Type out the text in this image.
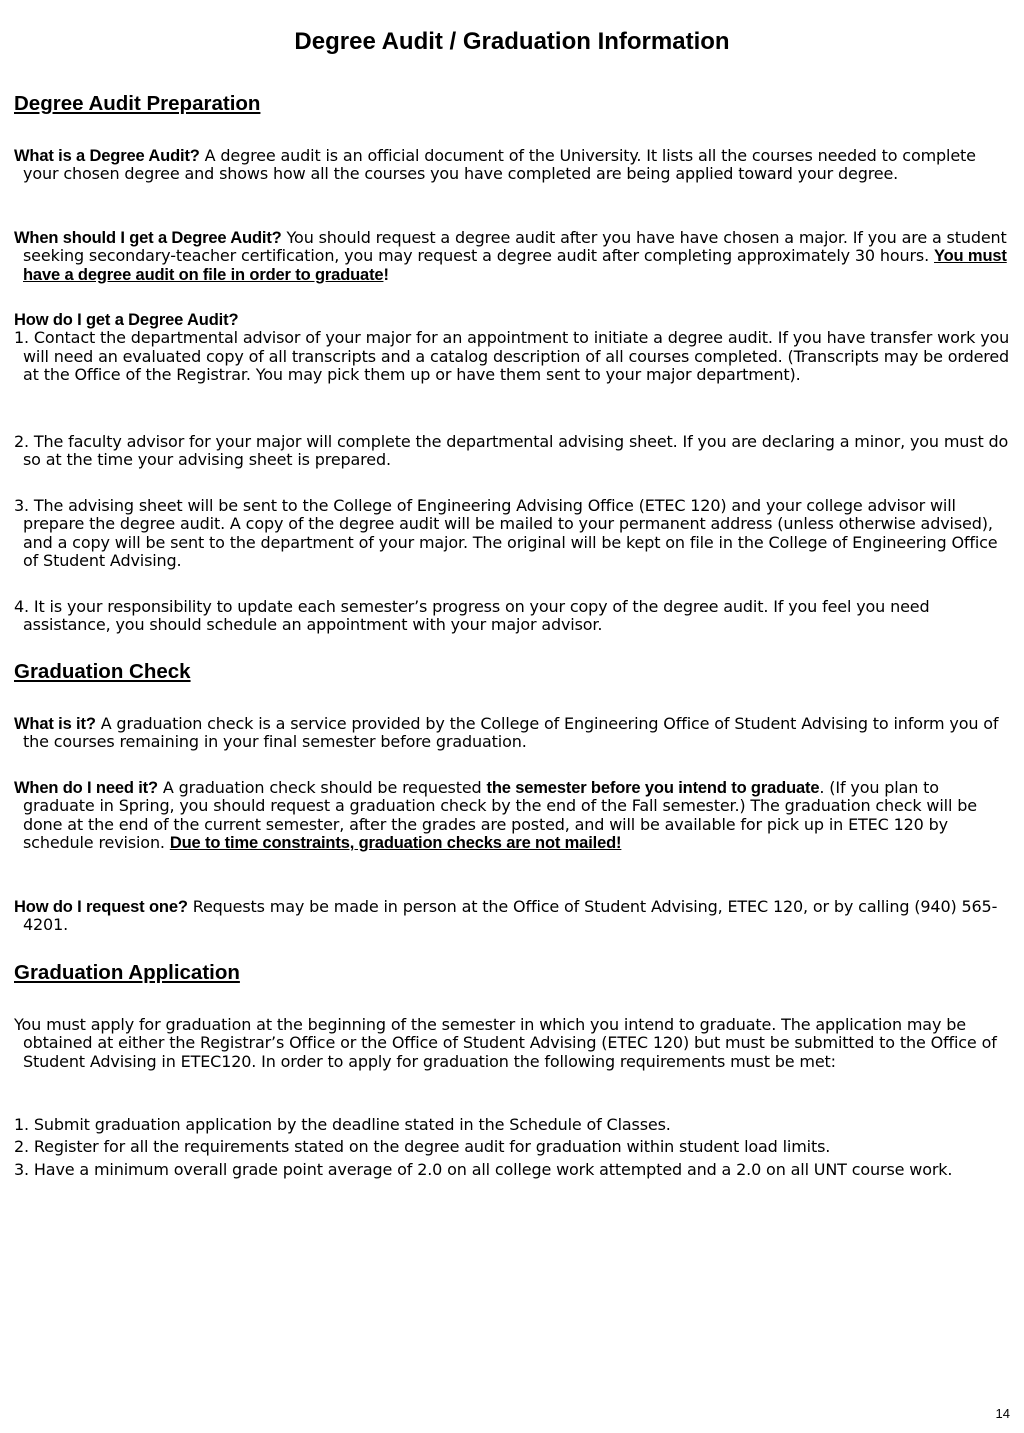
Degree Audit / Graduation Information
Degree Audit Preparation
What is a Degree Audit? A degree audit is an official document of the University. It lists all the courses needed to complete your chosen degree and shows how all the courses you have completed are being applied toward your degree.
When should I get a Degree Audit? You should request a degree audit after you have have chosen a major. If you are a student seeking secondary-teacher certification, you may request a degree audit after completing approximately 30 hours. You must have a degree audit on file in order to graduate!
How do I get a Degree Audit?
1. Contact the departmental advisor of your major for an appointment to initiate a degree audit. If you have transfer work you will need an evaluated copy of all transcripts and a catalog description of all courses completed. (Transcripts may be ordered at the Office of the Registrar. You may pick them up or have them sent to your major department).
2. The faculty advisor for your major will complete the departmental advising sheet. If you are declaring a minor, you must do so at the time your advising sheet is prepared.
3. The advising sheet will be sent to the College of Engineering Advising Office (ETEC 120) and your college advisor will prepare the degree audit. A copy of the degree audit will be mailed to your permanent address (unless otherwise advised), and a copy will be sent to the department of your major. The original will be kept on file in the College of Engineering Office of Student Advising.
4. It is your responsibility to update each semester’s progress on your copy of the degree audit. If you feel you need assistance, you should schedule an appointment with your major advisor.
Graduation Check
What is it? A graduation check is a service provided by the College of Engineering Office of Student Advising to inform you of the courses remaining in your final semester before graduation.
When do I need it? A graduation check should be requested the semester before you intend to graduate. (If you plan to graduate in Spring, you should request a graduation check by the end of the Fall semester.) The graduation check will be done at the end of the current semester, after the grades are posted, and will be available for pick up in ETEC 120 by schedule revision. Due to time constraints, graduation checks are not mailed!
How do I request one? Requests may be made in person at the Office of Student Advising, ETEC 120, or by calling (940) 565-4201.
Graduation Application
You must apply for graduation at the beginning of the semester in which you intend to graduate. The application may be obtained at either the Registrar’s Office or the Office of Student Advising (ETEC 120) but must be submitted to the Office of Student Advising in ETEC120. In order to apply for graduation the following requirements must be met:
1. Submit graduation application by the deadline stated in the Schedule of Classes.
2. Register for all the requirements stated on the degree audit for graduation within student load limits.
3. Have a minimum overall grade point average of 2.0 on all college work attempted and a 2.0 on all UNT course work.
14
